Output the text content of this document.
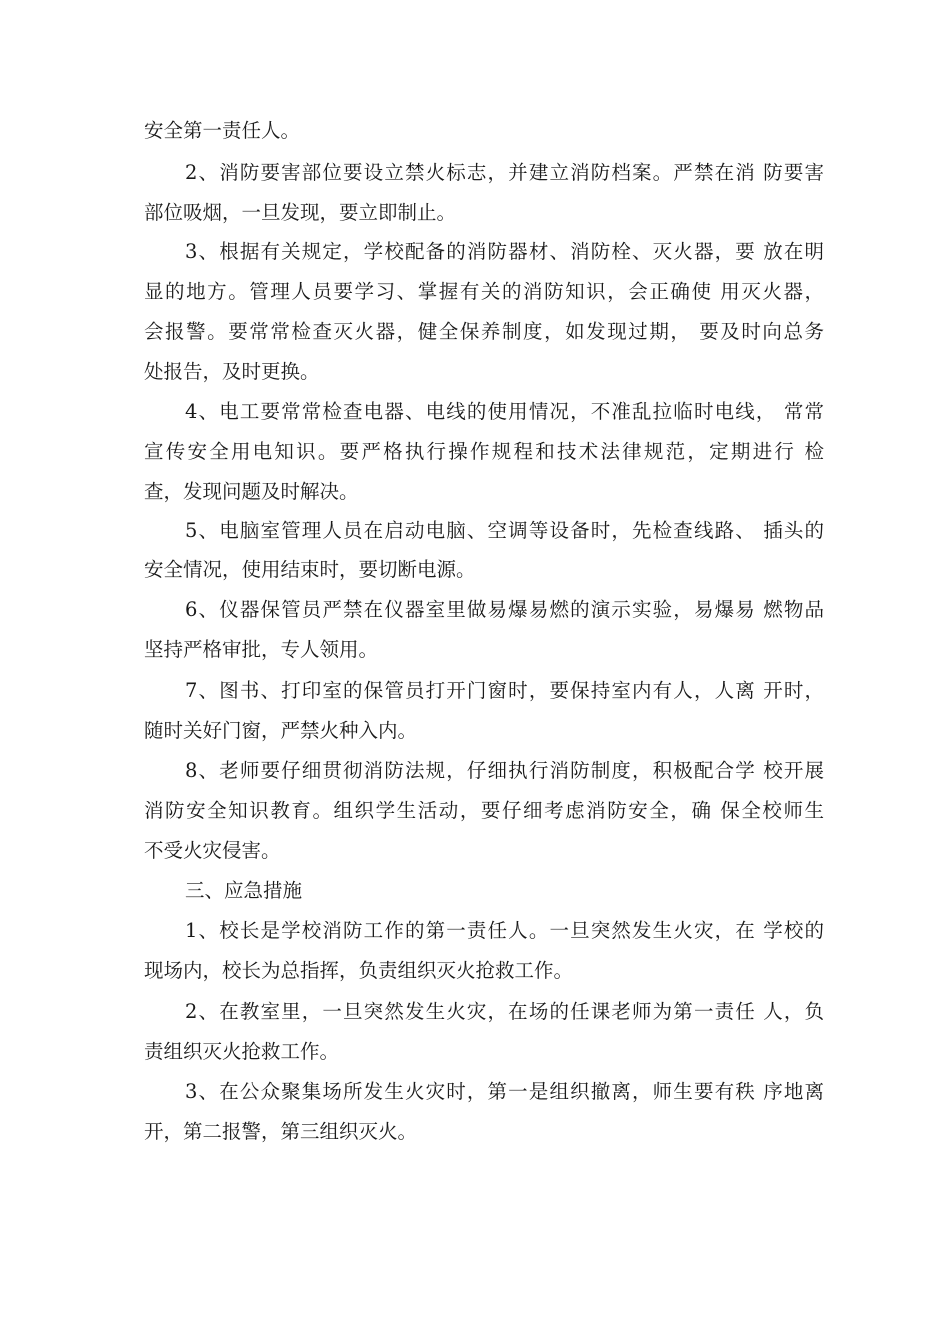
安全第一责任人。
2、消防要害部位要设立禁火标志，并建立消防档案。严禁在消 防要害
部位吸烟，一旦发现，要立即制止。
3、根据有关规定，学校配备的消防器材、消防栓、灭火器，要 放在明
显的地方。管理人员要学习、掌握有关的消防知识，会正确使 用灭火器，
会报警。要常常检查灭火器，健全保养制度，如发现过期， 要及时向总务
处报告，及时更换。
4、电工要常常检查电器、电线的使用情况，不准乱拉临时电线， 常常
宣传安全用电知识。要严格执行操作规程和技术法律规范，定期进行 检
查，发现问题及时解决。
5、电脑室管理人员在启动电脑、空调等设备时，先检查线路、 插头的
安全情况，使用结束时，要切断电源。
6、仪器保管员严禁在仪器室里做易爆易燃的演示实验，易爆易 燃物品
坚持严格审批，专人领用。
7、图书、打印室的保管员打开门窗时，要保持室内有人，人离 开时，
随时关好门窗，严禁火种入内。
8、老师要仔细贯彻消防法规，仔细执行消防制度，积极配合学 校开展
消防安全知识教育。组织学生活动，要仔细考虑消防安全，确 保全校师生
不受火灾侵害。
三、应急措施
1、校长是学校消防工作的第一责任人。一旦突然发生火灾，在 学校的
现场内，校长为总指挥，负责组织灭火抢救工作。
2、在教室里，一旦突然发生火灾，在场的任课老师为第一责任 人，负
责组织灭火抢救工作。
3、在公众聚集场所发生火灾时，第一是组织撤离，师生要有秩 序地离
开，第二报警，第三组织灭火。
